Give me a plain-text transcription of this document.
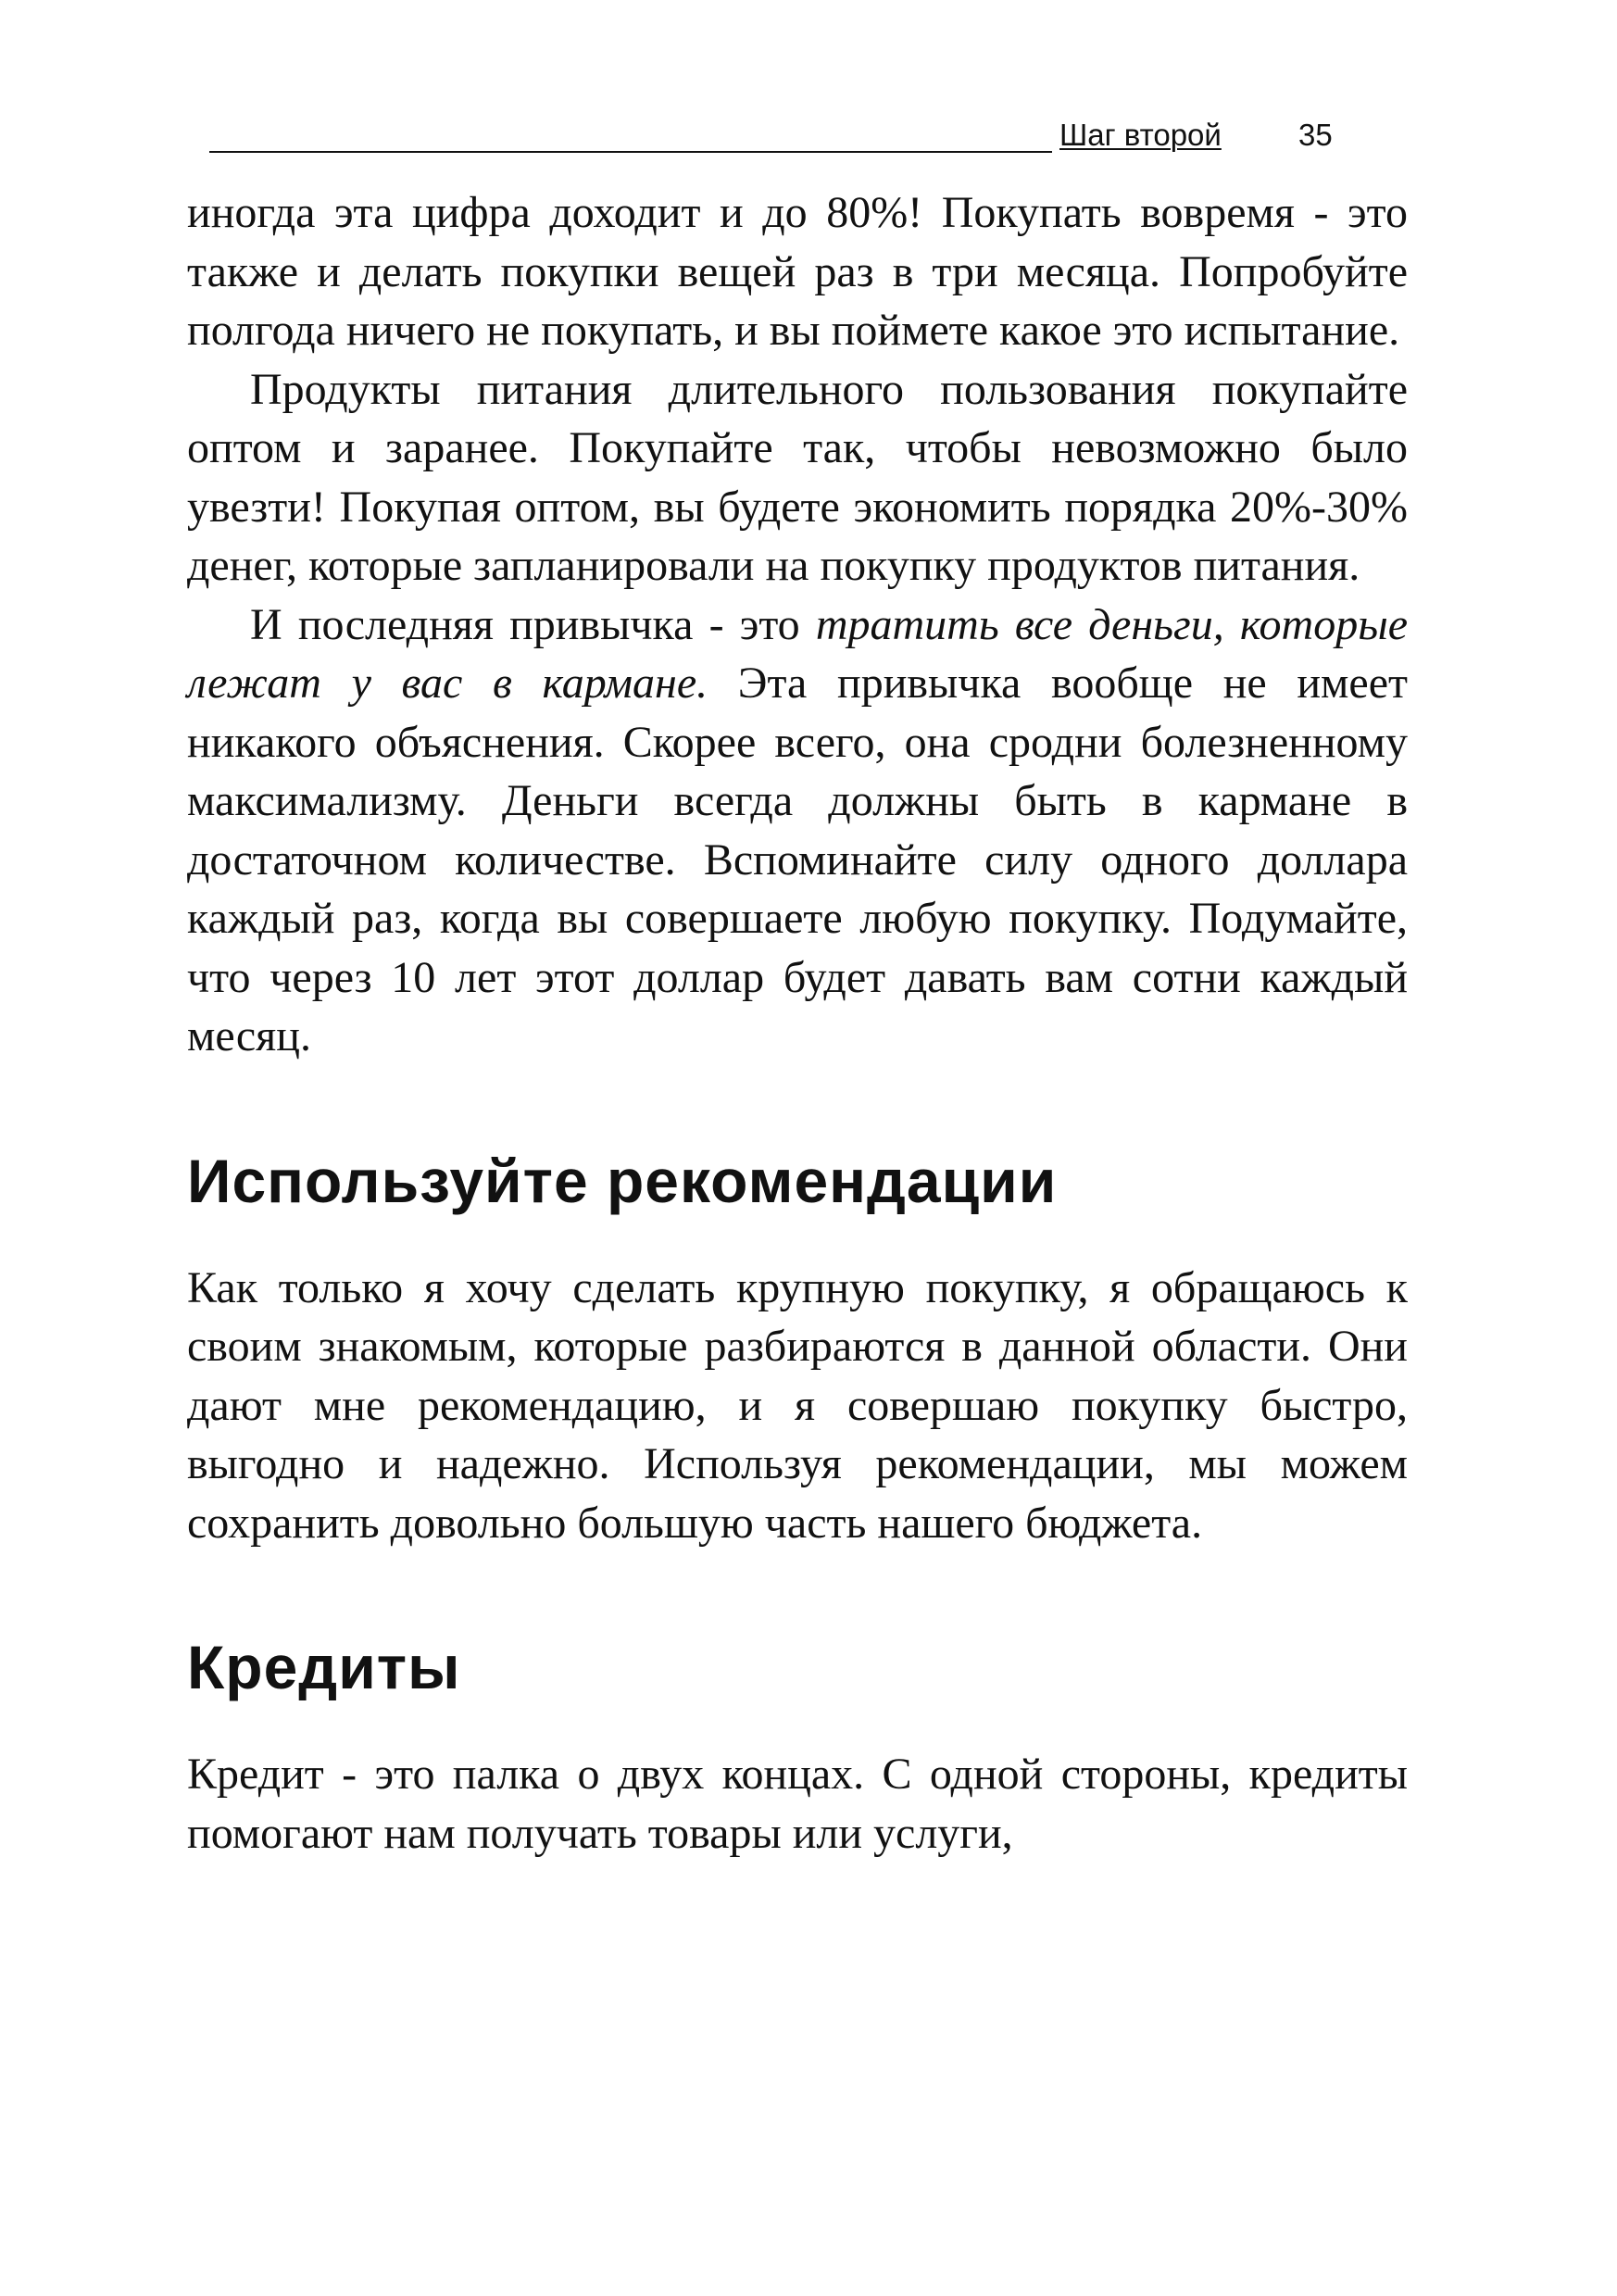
Шаг второй	35

иногда эта цифра доходит и до 80%! Покупать вовремя - это также и делать покупки вещей раз в три месяца. Попробуйте полгода ничего не покупать, и вы поймете какое это испытание.

Продукты питания длительного пользования покупайте оптом и заранее. Покупайте так, чтобы невозможно было увезти! Покупая оптом, вы будете экономить порядка 20%-30% денег, которые запланировали на покупку продуктов питания.

И последняя привычка - это тратить все деньги, которые лежат у вас в кармане. Эта привычка вообще не имеет никакого объяснения. Скорее всего, она сродни болезненному максимализму. Деньги всегда должны быть в кармане в достаточном количестве. Вспоминайте силу одного доллара каждый раз, когда вы совершаете любую покупку. Подумайте, что через 10 лет этот доллар будет давать вам сотни каждый месяц.

Используйте рекомендации

Как только я хочу сделать крупную покупку, я обращаюсь к своим знакомым, которые разбираются в данной области. Они дают мне рекомендацию, и я совершаю покупку быстро, выгодно и надежно. Используя рекомендации, мы можем сохранить довольно большую часть нашего бюджета.

Кредиты

Кредит - это палка о двух концах. С одной стороны, кредиты помогают нам получать товары или услуги,
